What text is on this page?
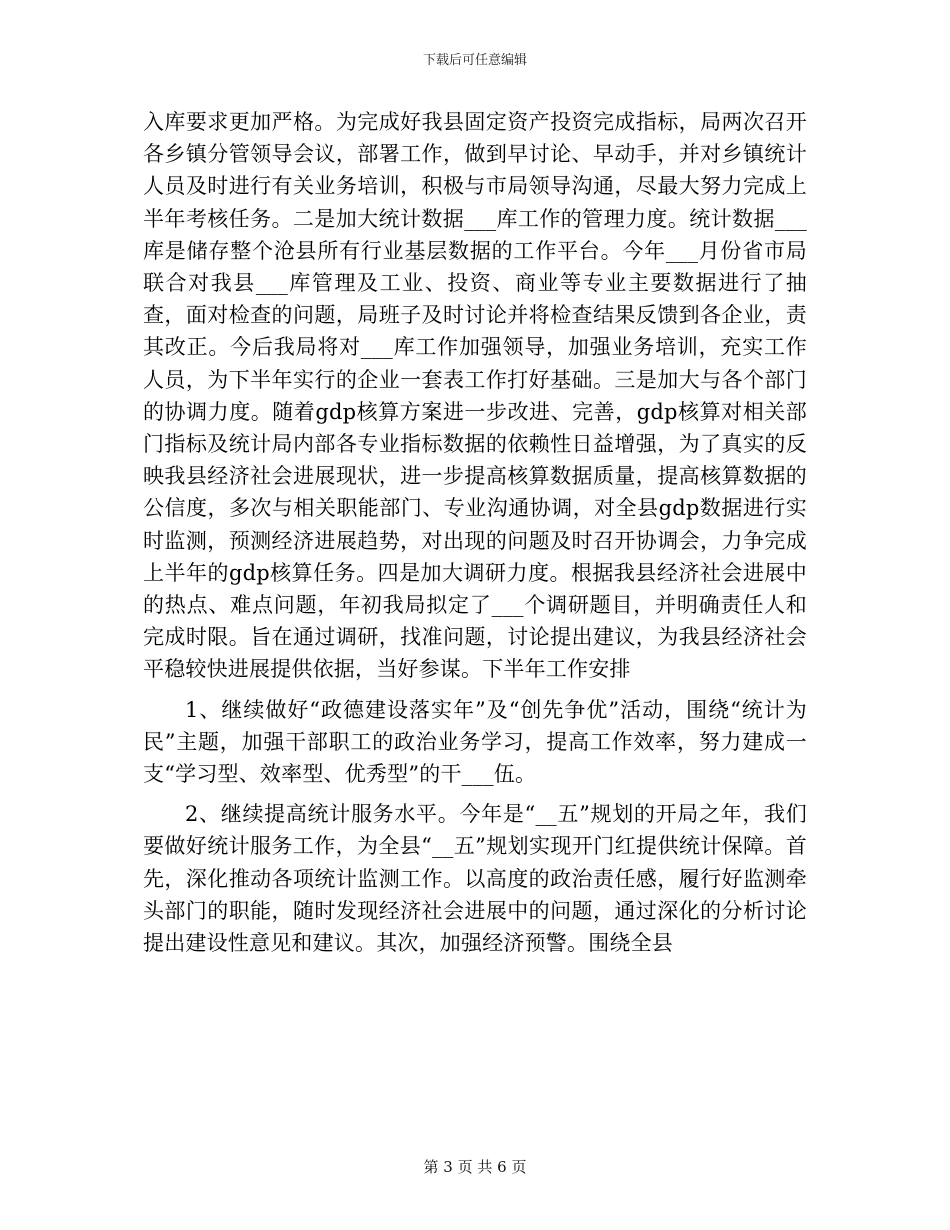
下载后可任意编辑

入库要求更加严格。为完成好我县固定资产投资完成指标，局两次召开各乡镇分管领导会议，部署工作，做到早讨论、早动手，并对乡镇统计人员及时进行有关业务培训，积极与市局领导沟通，尽最大努力完成上半年考核任务。二是加大统计数据___库工作的管理力度。统计数据___库是储存整个沧县所有行业基层数据的工作平台。今年___月份省市局联合对我县___库管理及工业、投资、商业等专业主要数据进行了抽查，面对检查的问题，局班子及时讨论并将检查结果反馈到各企业，责其改正。今后我局将对___库工作加强领导，加强业务培训，充实工作人员，为下半年实行的企业一套表工作打好基础。三是加大与各个部门的协调力度。随着gdp核算方案进一步改进、完善，gdp核算对相关部门指标及统计局内部各专业指标数据的依赖性日益增强，为了真实的反映我县经济社会进展现状，进一步提高核算数据质量，提高核算数据的公信度，多次与相关职能部门、专业沟通协调，对全县gdp数据进行实时监测，预测经济进展趋势，对出现的问题及时召开协调会，力争完成上半年的gdp核算任务。四是加大调研力度。根据我县经济社会进展中的热点、难点问题，年初我局拟定了___个调研题目，并明确责任人和完成时限。旨在通过调研，找准问题，讨论提出建议，为我县经济社会平稳较快进展提供依据，当好参谋。下半年工作安排

1、继续做好“政德建设落实年”及“创先争优”活动，围绕“统计为民”主题，加强干部职工的政治业务学习，提高工作效率，努力建成一支“学习型、效率型、优秀型”的干___伍。

2、继续提高统计服务水平。今年是“__五”规划的开局之年，我们要做好统计服务工作，为全县“__五”规划实现开门红提供统计保障。首先，深化推动各项统计监测工作。以高度的政治责任感，履行好监测牵头部门的职能，随时发现经济社会进展中的问题，通过深化的分析讨论提出建设性意见和建议。其次，加强经济预警。围绕全县

第 3 页 共 6 页
